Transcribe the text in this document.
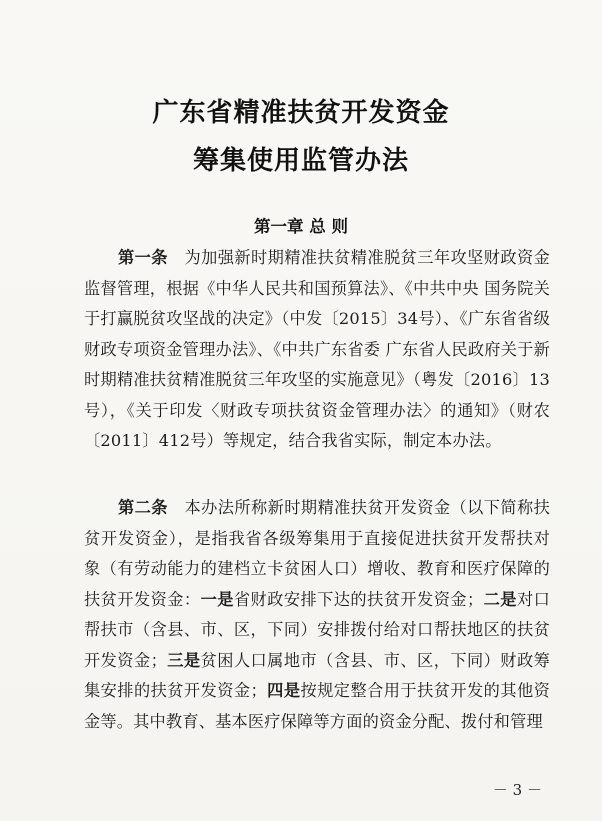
广东省精准扶贫开发资金
筹集使用监管办法
第一章 总 则

第一条　为加强新时期精准扶贫精准脱贫三年攻坚财政资金监督管理，根据《中华人民共和国预算法》、《中共中央 国务院关于打赢脱贫攻坚战的决定》（中发〔2015〕34号）、《广东省省级财政专项资金管理办法》、《中共广东省委 广东省人民政府关于新时期精准扶贫精准脱贫三年攻坚的实施意见》（粤发〔2016〕13号），《关于印发〈财政专项扶贫资金管理办法〉的通知》（财农〔2011〕412号）等规定，结合我省实际，制定本办法。

第二条　本办法所称新时期精准扶贫开发资金（以下简称扶贫开发资金），是指我省各级筹集用于直接促进扶贫开发帮扶对象（有劳动能力的建档立卡贫困人口）增收、教育和医疗保障的扶贫开发资金：一是省财政安排下达的扶贫开发资金；二是对口帮扶市（含县、市、区，下同）安排拨付给对口帮扶地区的扶贫开发资金；三是贫困人口属地市（含县、市、区，下同）财政筹集安排的扶贫开发资金；四是按规定整合用于扶贫开发的其他资金等。其中教育、基本医疗保障等方面的资金分配、拨付和管理

－ 3 －
